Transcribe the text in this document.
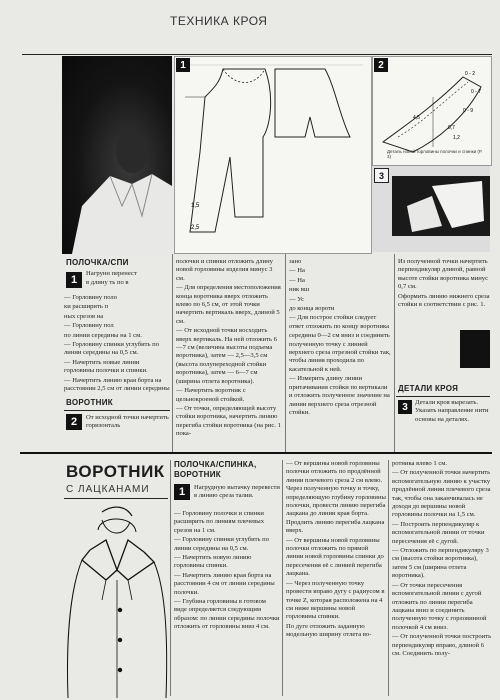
ТЕХНИКА КРОЯ
1,5
2,5
1
0 - 2
0 - 7
0 - 9
4,5
0,7
1,2
Деталь новой горловины полочки и спинки (Р. 3)
2
3
ПОЛОЧКА/СПИ
1

Нагрунн перенест

в длину ть по в

— Горловину поло

ки расширить п

ных срезов на

— Горловину пол

по линии середины на 1 см.

— Горловину спинки углубить по линии середины на 0,5 см.

— Начертить новые линии горловины полочки и спинки.

— Начертить линию края борта на расстоянии 2,5 см от линии середины

ВОРОТНИК
2	От исходной точки начертить горизонталь

полочки и спинки отложить длину новой горловины изделия минус 3 см.

— Для определения местоположения конца воротника вверх отложить влево по 6,5 см, от этой точки начертить вертикаль вверх, длиной 5 см.

— От исходной точки восходить вверх вертикаль. На ней отложить 6—7 см (величина высоты подъема воротника), затем — 2,5—3,5 см (высота полупереходной стойки воротника), затем — 6—7 см (ширина отлета воротника).

— Начертить воротник с цельнокроеной стойкой.

— От точки, определяющей высоту стойки воротника, начертить линию перегиба стойки воротника (на рис. 1 пока-

зано

— На

— На

ник вш

— Ус

до конца вороти

— Для построе стойки следует ответ отложить по концу воротника

середины 0—2 см вниз и соединить полученную точку с линией верхнего среза отрезной стойки так, чтобы линия проходила по касательной к ней.

— Измерить длину линии притачивания стойки по вертикали и отложить полученное значение на линии верхнего среза отрезной стойки.

Из полученной точки начертить перпендикуляр длиной, равной высоте стойки воротника минус 0,7 см.

Оформить линию нижнего среза стойки в соответствии с рис. 1.

ДЕТАЛИ КРОЯ
3	Детали кроя вырезать. Указать направление нити основы на деталях.
ВОРОТНИК
С ЛАЦКАНАМИ
ПОЛОЧКА/СПИНКА, ВОРОТНИК
1	Нагрудную вытачку перевести в линию среза талии.

— Горловину полочки и спинки расширить по линиям плечевых срезов на 1 см.

— Горловину спинки углубить по линии середины на 0,5 см.

— Начертить новую линию горловины спинки.

— Начертить линию края борта на расстоянии 4 см от линии середины полочки.

— Глубина горловины в готовом виде определяется следующим образом: по линии середины полочки отложить от горловины вниз 4 см.

— От вершины новой горловины полочки отложить по продлённой линии плечевого среза 2 см влево. Через полученную точку и точку, определяющую глубину горловины полочки, провести линию перегиба лацкана до линии края борта. Продлить линию перегиба лацкана вверх.

— От вершины новой горловины полочки отложить по прямой линии новой горловины спинки до пересечения её с линией перегиба лацкана.

— Через полученную точку провести вправо дугу с радиусом в точке Z, которая расположена на 4 см ниже вершины новой горловины спинки.

По дуге отложить заданную модельную ширину отлета во-

ротника влево 1 см.

— От полученной точки начертить вспомогательную линию к участку продлённой линии плечевого среза так, чтобы она заканчивалась не доходя до вершины новой горловины полочки на 1,5 см.

— Построить перпендикуляр к вспомогательной линии от точки пересечения её с дугой.

— Отложить по перпендикуляру 3 см (высота стойки воротника), затем 5 см (ширина отлета воротника).

— От точки пересечения вспомогательной линии с дугой отложить по линии перегиба лацкана вниз и соединить полученную точку с горловинной полочкой 4 см вниз.

— От полученной точки построить перпендикуляр вправо, длиной 6 см. Соединить полу-
